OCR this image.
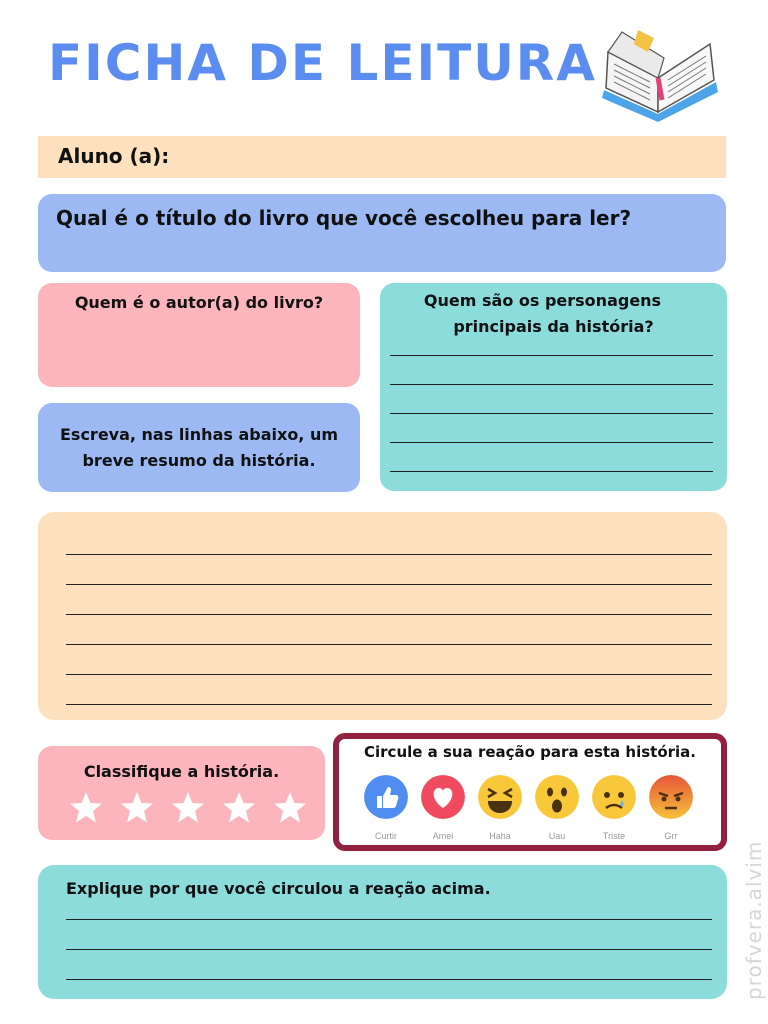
FICHA DE LEITURA
Aluno (a):
Qual é o título do livro que você escolheu para ler?
Quem é o autor(a) do livro?
Escreva, nas linhas abaixo, um
breve resumo da história.
Quem são os personagens
principais da história?
Classifique a história.
Circule a sua reação para esta história.
Curtir	Amei	Haha	Uau	Triste	Grr
Explique por que você circulou a reação acima.	profvera.alvim
